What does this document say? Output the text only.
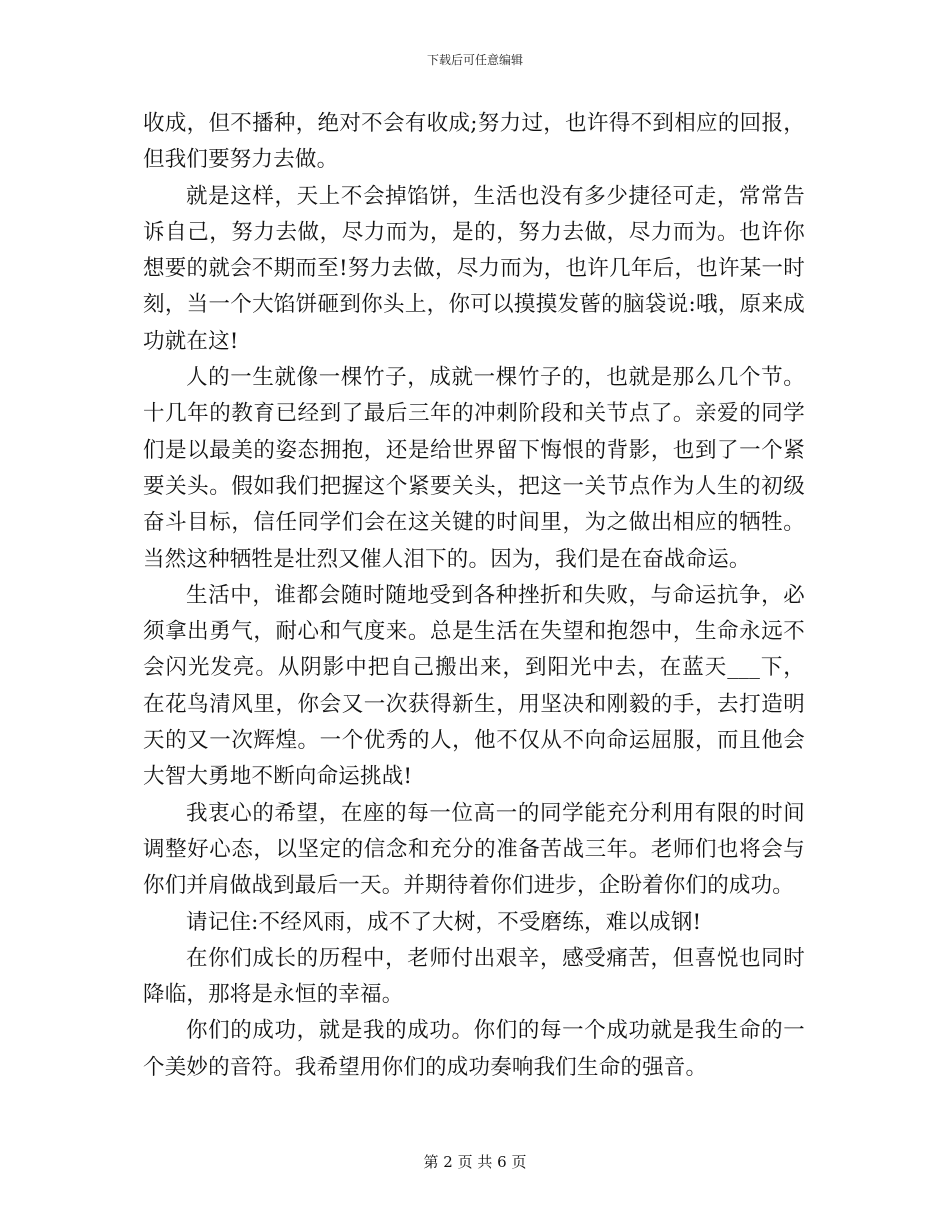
下载后可任意编辑

收成，但不播种，绝对不会有收成;努力过，也许得不到相应的回报，但我们要努力去做。

就是这样，天上不会掉馅饼，生活也没有多少捷径可走，常常告诉自己，努力去做，尽力而为，是的，努力去做，尽力而为。也许你想要的就会不期而至!努力去做，尽力而为，也许几年后，也许某一时刻，当一个大馅饼砸到你头上，你可以摸摸发蒈的脑袋说:哦，原来成功就在这!

人的一生就像一棵竹子，成就一棵竹子的，也就是那么几个节。十几年的教育已经到了最后三年的冲刺阶段和关节点了。亲爱的同学们是以最美的姿态拥抱，还是给世界留下悔恨的背影，也到了一个紧要关头。假如我们把握这个紧要关头，把这一关节点作为人生的初级奋斗目标，信任同学们会在这关键的时间里，为之做出相应的牺牲。当然这种牺牲是壮烈又催人泪下的。因为，我们是在奋战命运。

生活中，谁都会随时随地受到各种挫折和失败，与命运抗争，必须拿出勇气，耐心和气度来。总是生活在失望和抱怨中，生命永远不会闪光发亮。从阴影中把自己搬出来，到阳光中去，在蓝天___下，在花鸟清风里，你会又一次获得新生，用坚决和刚毅的手，去打造明天的又一次辉煌。一个优秀的人，他不仅从不向命运屈服，而且他会大智大勇地不断向命运挑战!

我衷心的希望，在座的每一位高一的同学能充分利用有限的时间调整好心态，以坚定的信念和充分的准备苦战三年。老师们也将会与你们并肩做战到最后一天。并期待着你们进步，企盼着你们的成功。

请记住:不经风雨，成不了大树，不受磨练，难以成钢!

在你们成长的历程中，老师付出艰辛，感受痛苦，但喜悦也同时降临，那将是永恒的幸福。

你们的成功，就是我的成功。你们的每一个成功就是我生命的一个美妙的音符。我希望用你们的成功奏响我们生命的强音。

第 2 页 共 6 页
